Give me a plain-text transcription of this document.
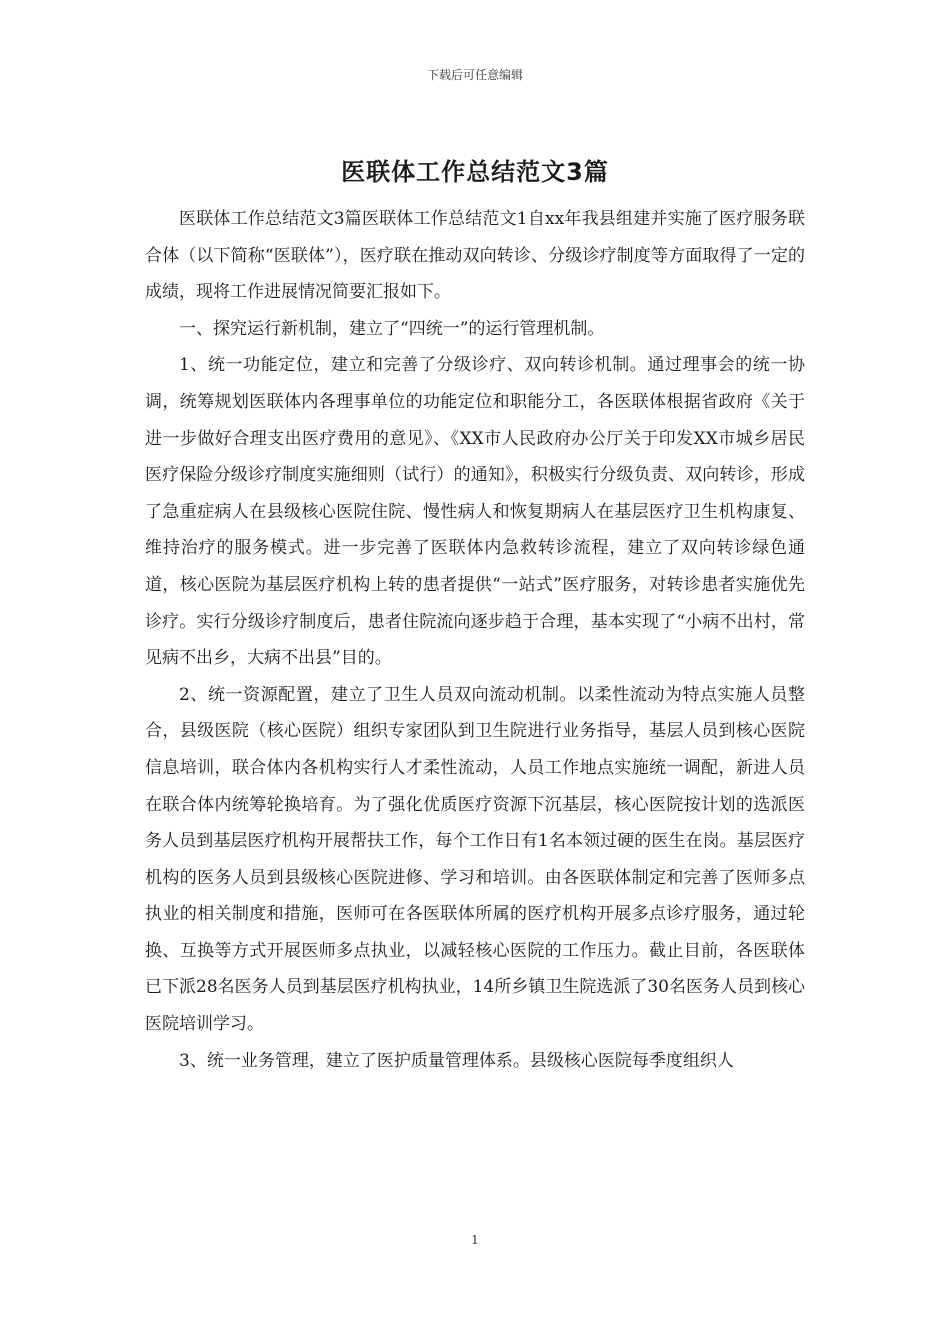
下载后可任意编辑
医联体工作总结范文3篇

医联体工作总结范文3篇医联体工作总结范文1自xx年我县组建并实施了医疗服务联合体（以下简称“医联体”），医疗联在推动双向转诊、分级诊疗制度等方面取得了一定的成绩，现将工作进展情况简要汇报如下。

一、探究运行新机制，建立了“四统一”的运行管理机制。

1、统一功能定位，建立和完善了分级诊疗、双向转诊机制。通过理事会的统一协调，统筹规划医联体内各理事单位的功能定位和职能分工，各医联体根据省政府《关于进一步做好合理支出医疗费用的意见》、《XX市人民政府办公厅关于印发XX市城乡居民医疗保险分级诊疗制度实施细则（试行）的通知》，积极实行分级负责、双向转诊，形成了急重症病人在县级核心医院住院、慢性病人和恢复期病人在基层医疗卫生机构康复、维持治疗的服务模式。进一步完善了医联体内急救转诊流程，建立了双向转诊绿色通道，核心医院为基层医疗机构上转的患者提供“一站式”医疗服务，对转诊患者实施优先诊疗。实行分级诊疗制度后，患者住院流向逐步趋于合理，基本实现了“小病不出村，常见病不出乡，大病不出县”目的。

2、统一资源配置，建立了卫生人员双向流动机制。以柔性流动为特点实施人员整合，县级医院（核心医院）组织专家团队到卫生院进行业务指导，基层人员到核心医院信息培训，联合体内各机构实行人才柔性流动，人员工作地点实施统一调配，新进人员在联合体内统筹轮换培育。为了强化优质医疗资源下沉基层，核心医院按计划的选派医务人员到基层医疗机构开展帮扶工作，每个工作日有1名本领过硬的医生在岗。基层医疗机构的医务人员到县级核心医院进修、学习和培训。由各医联体制定和完善了医师多点执业的相关制度和措施，医师可在各医联体所属的医疗机构开展多点诊疗服务，通过轮换、互换等方式开展医师多点执业，以减轻核心医院的工作压力。截止目前，各医联体已下派28名医务人员到基层医疗机构执业，14所乡镇卫生院选派了30名医务人员到核心医院培训学习。

3、统一业务管理，建立了医护质量管理体系。县级核心医院每季度组织人

1
